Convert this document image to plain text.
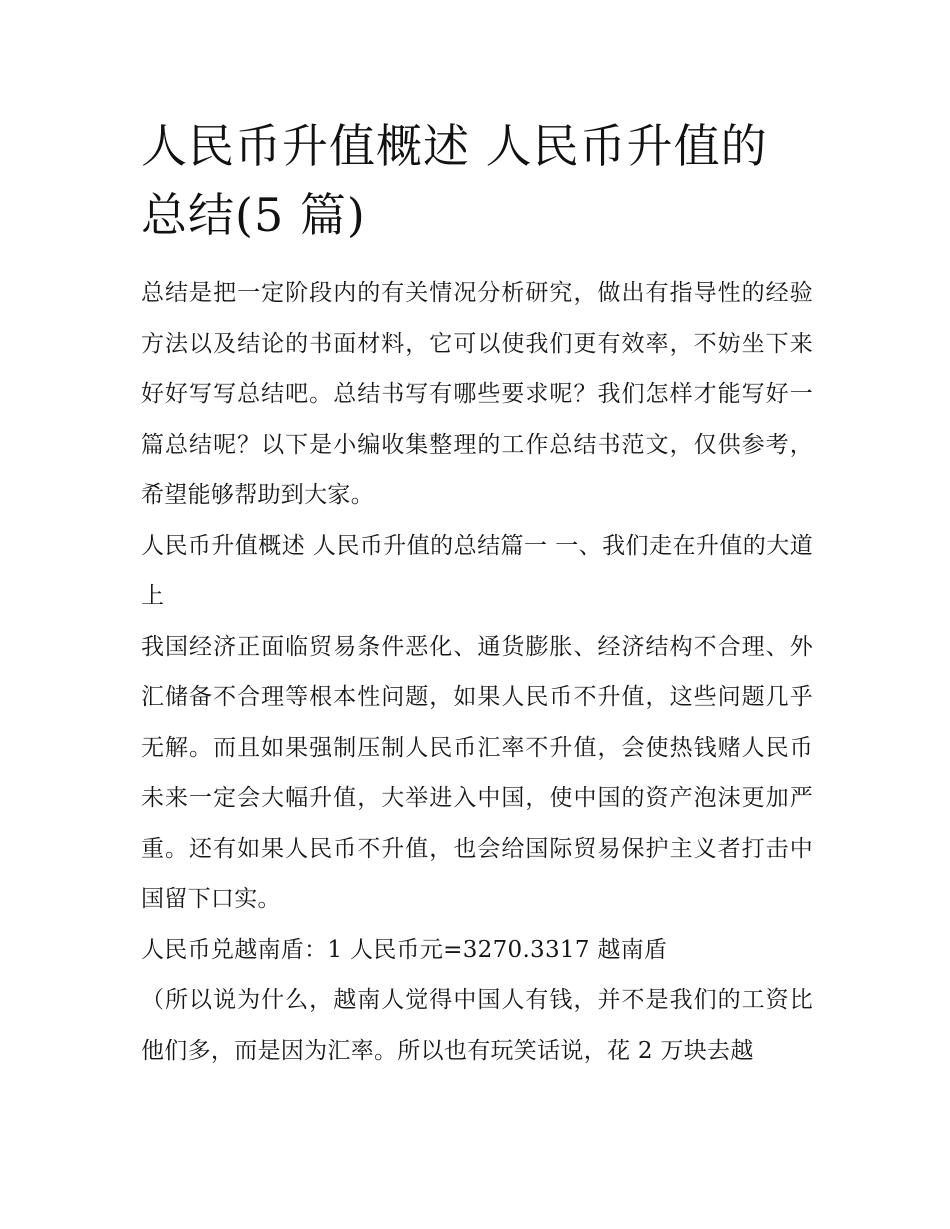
人民币升值概述 人民币升值的总结(5 篇)

总结是把一定阶段内的有关情况分析研究，做出有指导性的经验方法以及结论的书面材料，它可以使我们更有效率，不妨坐下来好好写写总结吧。总结书写有哪些要求呢？我们怎样才能写好一篇总结呢？以下是小编收集整理的工作总结书范文，仅供参考，希望能够帮助到大家。

人民币升值概述 人民币升值的总结篇一 一、我们走在升值的大道上

我国经济正面临贸易条件恶化、通货膨胀、经济结构不合理、外汇储备不合理等根本性问题，如果人民币不升值，这些问题几乎无解。而且如果强制压制人民币汇率不升值，会使热钱赌人民币未来一定会大幅升值，大举进入中国，使中国的资产泡沫更加严重。还有如果人民币不升值，也会给国际贸易保护主义者打击中国留下口实。

人民币兑越南盾：1 人民币元=3270.3317 越南盾

（所以说为什么，越南人觉得中国人有钱，并不是我们的工资比他们多，而是因为汇率。所以也有玩笑话说，花 2 万块去越
